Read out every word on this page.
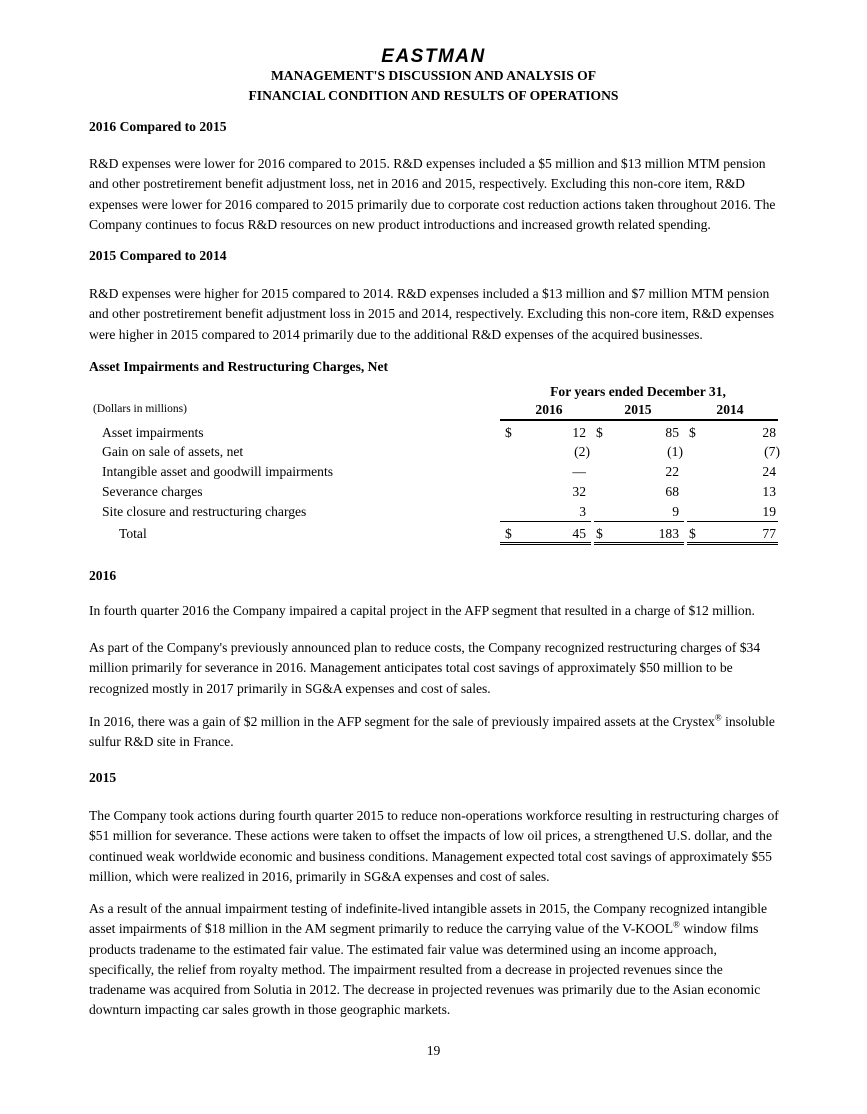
EASTMAN
MANAGEMENT'S DISCUSSION AND ANALYSIS OF
FINANCIAL CONDITION AND RESULTS OF OPERATIONS
2016 Compared to 2015
R&D expenses were lower for 2016 compared to 2015. R&D expenses included a $5 million and $13 million MTM pension and other postretirement benefit adjustment loss, net in 2016 and 2015, respectively. Excluding this non-core item, R&D expenses were lower for 2016 compared to 2015 primarily due to corporate cost reduction actions taken throughout 2016. The Company continues to focus R&D resources on new product introductions and increased growth related spending.
2015 Compared to 2014
R&D expenses were higher for 2015 compared to 2014. R&D expenses included a $13 million and $7 million MTM pension and other postretirement benefit adjustment loss in 2015 and 2014, respectively. Excluding this non-core item, R&D expenses were higher in 2015 compared to 2014 primarily due to the additional R&D expenses of the acquired businesses.
Asset Impairments and Restructuring Charges, Net
For years ended December 31,
(Dollars in millions)	2016	2015	2014
Asset impairments	$	12 $	85 $	28
Gain on sale of assets, net	(2)	(1)	(7)
Intangible asset and goodwill impairments	—	22	24
Severance charges	32	68	13
Site closure and restructuring charges	3	9	19
Total	$	45 $	183 $	77
2016
In fourth quarter 2016 the Company impaired a capital project in the AFP segment that resulted in a charge of $12 million.
As part of the Company's previously announced plan to reduce costs, the Company recognized restructuring charges of $34 million primarily for severance in 2016. Management anticipates total cost savings of approximately $50 million to be recognized mostly in 2017 primarily in SG&A expenses and cost of sales.
In 2016, there was a gain of $2 million in the AFP segment for the sale of previously impaired assets at the Crystex® insoluble sulfur R&D site in France.
2015
The Company took actions during fourth quarter 2015 to reduce non-operations workforce resulting in restructuring charges of $51 million for severance. These actions were taken to offset the impacts of low oil prices, a strengthened U.S. dollar, and the continued weak worldwide economic and business conditions. Management expected total cost savings of approximately $55 million, which were realized in 2016, primarily in SG&A expenses and cost of sales.
As a result of the annual impairment testing of indefinite-lived intangible assets in 2015, the Company recognized intangible asset impairments of $18 million in the AM segment primarily to reduce the carrying value of the V-KOOL® window films products tradename to the estimated fair value. The estimated fair value was determined using an income approach, specifically, the relief from royalty method. The impairment resulted from a decrease in projected revenues since the tradename was acquired from Solutia in 2012. The decrease in projected revenues was primarily due to the Asian economic downturn impacting car sales growth in those geographic markets.
19
